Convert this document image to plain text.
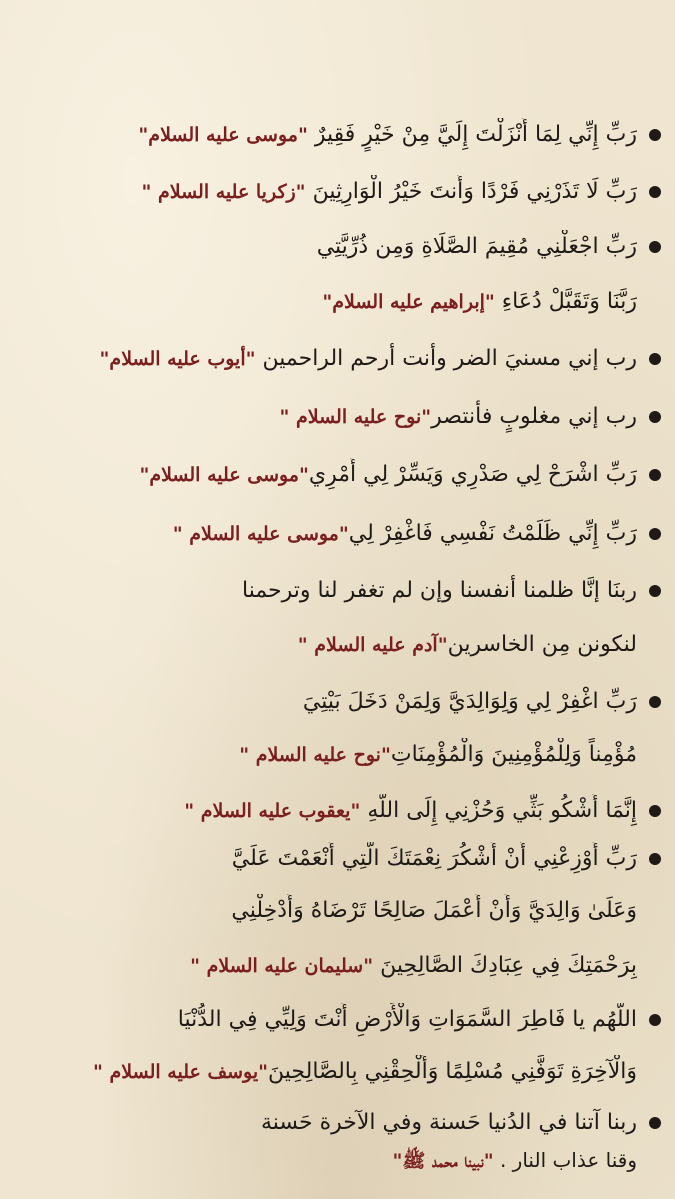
رَبِّ إِنِّي لِمَا أَنْزَلْتَ إِلَيَّ مِنْ خَيْرٍ فَقِيرٌ "موسى عليه السلام"
رَبِّ لَا تَذَرْنِي فَرْدًا وَأَنتَ خَيْرُ الْوَارِثِينَ "زكريا عليه السلام "
رَبِّ اجْعَلْنِي مُقِيمَ الصَّلَاةِ وَمِن ذُرِّيَّتِي
رَبَّنَا وَتَقَبَّلْ دُعَاءِ "إبراهيم عليه السلام"
رب إني مسنيَ الضر وأنت أرحم الراحمين "أيوب عليه السلام"
رب إني مغلوبٍ فأنتصر"نوح عليه السلام "
رَبِّ اشْرَحْ لِي صَدْرِي وَيَسِّرْ لِي أَمْرِي"موسى عليه السلام"
رَبِّ إِنِّي ظَلَمْتُ نَفْسِي فَاغْفِرْ لِي"موسى عليه السلام "
ربنَا إنَّا ظلمنا أنفسنا وإن لم تغفر لنا وترحمنا
لنكونن مِن الخاسرين"آدم عليه السلام "
رَبِّ اغْفِرْ لِي وَلِوَالِدَيَّ وَلِمَنْ دَخَلَ بَيْتِيَ
مُؤْمِناً وَلِلْمُؤْمِنِينَ وَالْمُؤْمِنَاتِ"نوح عليه السلام "
إِنَّمَا أَشْكُو بَثِّي وَحُزْنِي إِلَى اللَّهِ "يعقوب عليه السلام "
رَبِّ أَوْزِعْنِي أَنْ أَشْكُرَ نِعْمَتَكَ الَّتِي أَنْعَمْتَ عَلَيَّ
وَعَلَىٰ وَالِدَيَّ وَأَنْ أَعْمَلَ صَالِحًا تَرْضَاهُ وَأَدْخِلْنِي
بِرَحْمَتِكَ فِي عِبَادِكَ الصَّالِحِينَ "سليمان عليه السلام "
اللَّهُم يا فَاطِرَ السَّمَوَاتِ وَالْأَرْضِ أَنْتَ وَلِيِّي فِي الدُّنْيَا
وَالْآخِرَةِ تَوَفَّنِي مُسْلِمًا وَأَلْحِقْنِي بِالصَّالِحِينَ"يوسف عليه السلام "
ربنا آتنا في الدُنيا حَسنة وفي الآخرة حَسنة
وقنا عذاب النار . "نبينا محمد ﷺ"
